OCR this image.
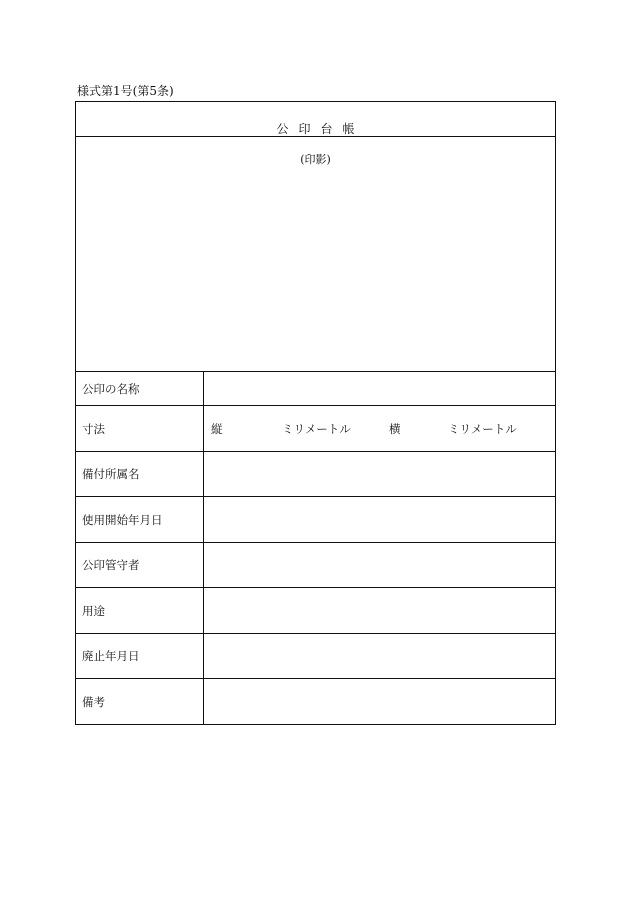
様式第1号(第5条)
公印台帳
(印影)
公印の名称
寸法	縦	ミリメートル	横	ミリメートル
備付所属名
使用開始年月日
公印管守者
用途
廃止年月日
備考
